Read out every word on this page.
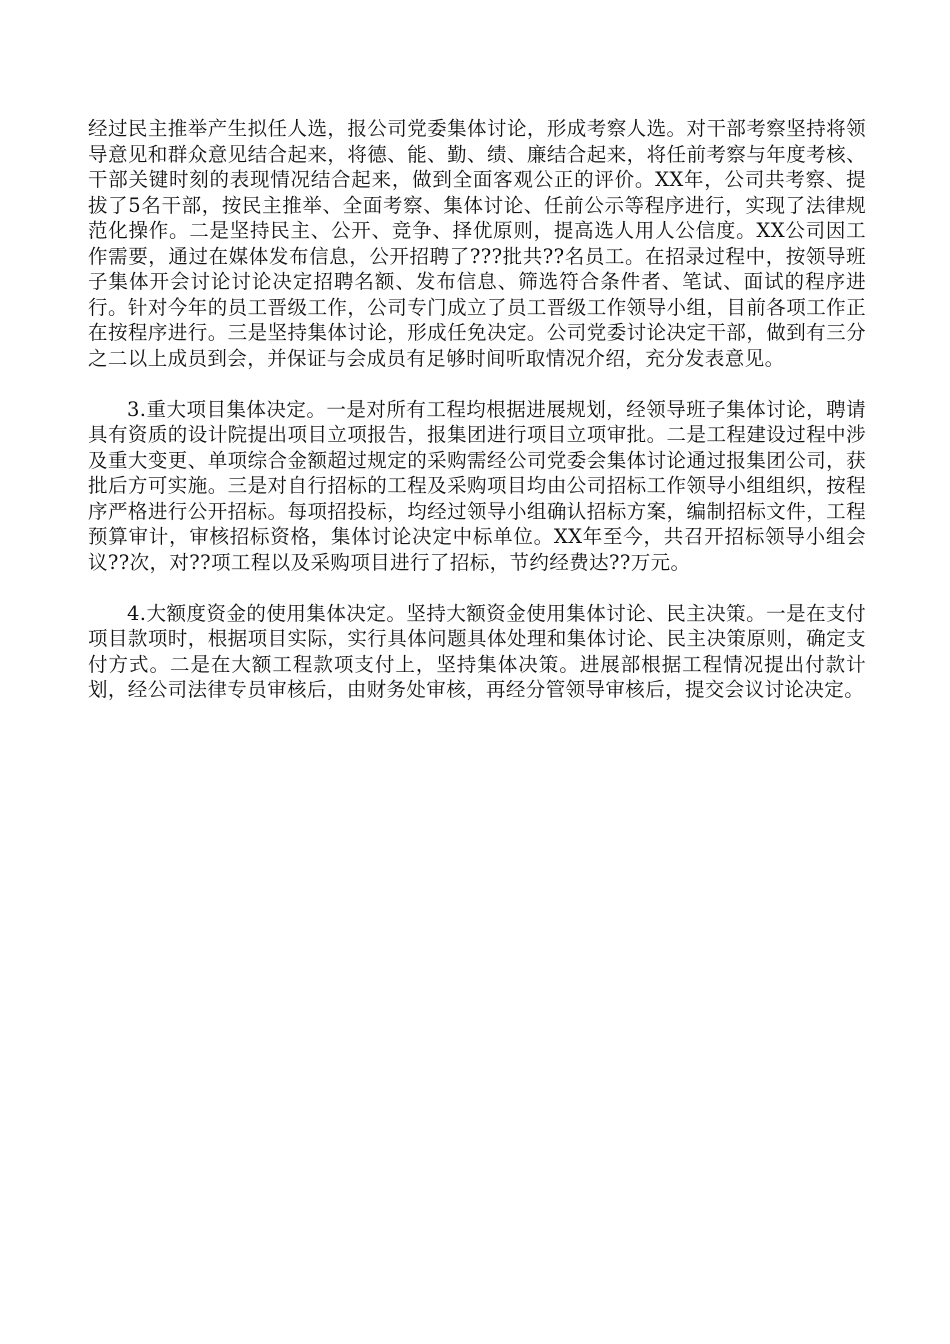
经过民主推举产生拟任人选，报公司党委集体讨论，形成考察人选。对干部考察坚持将领导意见和群众意见结合起来，将德、能、勤、绩、廉结合起来，将任前考察与年度考核、干部关键时刻的表现情况结合起来，做到全面客观公正的评价。XX年，公司共考察、提拔了5名干部，按民主推举、全面考察、集体讨论、任前公示等程序进行，实现了法律规范化操作。二是坚持民主、公开、竞争、择优原则，提高选人用人公信度。XX公司因工作需要，通过在媒体发布信息，公开招聘了???批共??名员工。在招录过程中，按领导班子集体开会讨论讨论决定招聘名额、发布信息、筛选符合条件者、笔试、面试的程序进行。针对今年的员工晋级工作，公司专门成立了员工晋级工作领导小组，目前各项工作正在按程序进行。三是坚持集体讨论，形成任免决定。公司党委讨论决定干部，做到有三分之二以上成员到会，并保证与会成员有足够时间听取情况介绍，充分发表意见。

3.重大项目集体决定。一是对所有工程均根据进展规划，经领导班子集体讨论，聘请具有资质的设计院提出项目立项报告，报集团进行项目立项审批。二是工程建设过程中涉及重大变更、单项综合金额超过规定的采购需经公司党委会集体讨论通过报集团公司，获批后方可实施。三是对自行招标的工程及采购项目均由公司招标工作领导小组组织，按程序严格进行公开招标。每项招投标，均经过领导小组确认招标方案，编制招标文件，工程预算审计，审核招标资格，集体讨论决定中标单位。XX年至今，共召开招标领导小组会议??次，对??项工程以及采购项目进行了招标，节约经费达??万元。

4.大额度资金的使用集体决定。坚持大额资金使用集体讨论、民主决策。一是在支付项目款项时，根据项目实际，实行具体问题具体处理和集体讨论、民主决策原则，确定支付方式。二是在大额工程款项支付上，坚持集体决策。进展部根据工程情况提出付款计划，经公司法律专员审核后，由财务处审核，再经分管领导审核后，提交会议讨论决定。
